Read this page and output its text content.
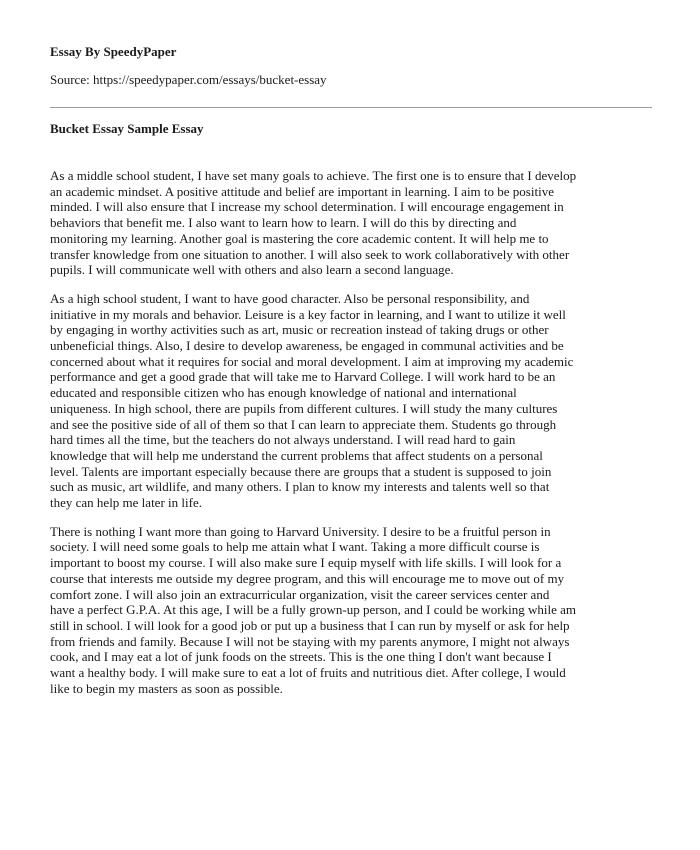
Essay By SpeedyPaper
Source: https://speedypaper.com/essays/bucket-essay
Bucket Essay Sample Essay
As a middle school student, I have set many goals to achieve. The first one is to ensure that I develop
an academic mindset. A positive attitude and belief are important in learning. I aim to be positive
minded. I will also ensure that I increase my school determination. I will encourage engagement in
behaviors that benefit me. I also want to learn how to learn. I will do this by directing and
monitoring my learning. Another goal is mastering the core academic content. It will help me to
transfer knowledge from one situation to another. I will also seek to work collaboratively with other
pupils. I will communicate well with others and also learn a second language.
As a high school student, I want to have good character. Also be personal responsibility, and
initiative in my morals and behavior. Leisure is a key factor in learning, and I want to utilize it well
by engaging in worthy activities such as art, music or recreation instead of taking drugs or other
unbeneficial things. Also, I desire to develop awareness, be engaged in communal activities and be
concerned about what it requires for social and moral development. I aim at improving my academic
performance and get a good grade that will take me to Harvard College. I will work hard to be an
educated and responsible citizen who has enough knowledge of national and international
uniqueness. In high school, there are pupils from different cultures. I will study the many cultures
and see the positive side of all of them so that I can learn to appreciate them. Students go through
hard times all the time, but the teachers do not always understand. I will read hard to gain
knowledge that will help me understand the current problems that affect students on a personal
level. Talents are important especially because there are groups that a student is supposed to join
such as music, art wildlife, and many others. I plan to know my interests and talents well so that
they can help me later in life.
There is nothing I want more than going to Harvard University. I desire to be a fruitful person in
society. I will need some goals to help me attain what I want. Taking a more difficult course is
important to boost my course. I will also make sure I equip myself with life skills. I will look for a
course that interests me outside my degree program, and this will encourage me to move out of my
comfort zone. I will also join an extracurricular organization, visit the career services center and
have a perfect G.P.A. At this age, I will be a fully grown-up person, and I could be working while am
still in school. I will look for a good job or put up a business that I can run by myself or ask for help
from friends and family. Because I will not be staying with my parents anymore, I might not always
cook, and I may eat a lot of junk foods on the streets. This is the one thing I don't want because I
want a healthy body. I will make sure to eat a lot of fruits and nutritious diet. After college, I would
like to begin my masters as soon as possible.
